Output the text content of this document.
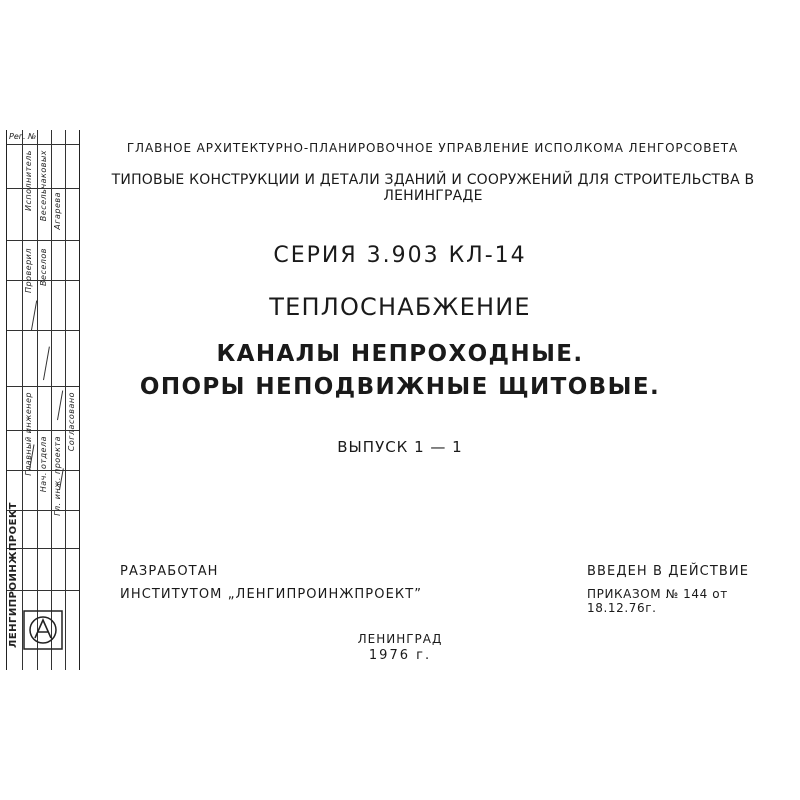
Рег. №
Исполнитель Весельчаковых Агарева
Проверил Веселов
Согласовано
Главный инженер Нач. отдела Гл. инж. проекта
ЛЕНГИПРОИНЖПРОЕКТ
ГЛАВНОЕ АРХИТЕКТУРНО-ПЛАНИРОВОЧНОЕ УПРАВЛЕНИЕ ИСПОЛКОМА ЛЕНГОРСОВЕТА
ТИПОВЫЕ КОНСТРУКЦИИ И ДЕТАЛИ ЗДАНИЙ И СООРУЖЕНИЙ ДЛЯ СТРОИТЕЛЬСТВА В ЛЕНИНГРАДЕ
СЕРИЯ 3.903 КЛ-14
ТЕПЛОСНАБЖЕНИЕ
КАНАЛЫ НЕПРОХОДНЫЕ.
ОПОРЫ НЕПОДВИЖНЫЕ ЩИТОВЫЕ.
ВЫПУСК 1 — 1
РАЗРАБОТАН
ИНСТИТУТОМ „ЛЕНГИПРОИНЖПРОЕКТ”
ВВЕДЕН В ДЕЙСТВИЕ
ПРИКАЗОМ № 144 от 18.12.76г.
ЛЕНИНГРАД
1976 г.
